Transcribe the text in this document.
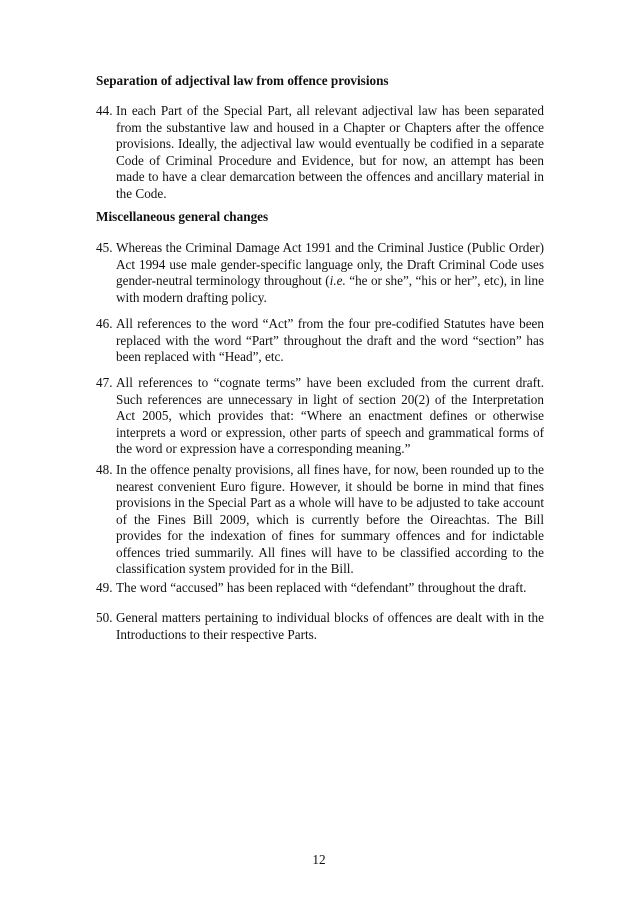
Separation of adjectival law from offence provisions
44. In each Part of the Special Part, all relevant adjectival law has been separated from the substantive law and housed in a Chapter or Chapters after the offence provisions. Ideally, the adjectival law would eventually be codified in a separate Code of Criminal Procedure and Evidence, but for now, an attempt has been made to have a clear demarcation between the offences and ancillary material in the Code.
Miscellaneous general changes
45. Whereas the Criminal Damage Act 1991 and the Criminal Justice (Public Order) Act 1994 use male gender-specific language only, the Draft Criminal Code uses gender-neutral terminology throughout (i.e. “he or she”, “his or her”, etc), in line with modern drafting policy.
46. All references to the word “Act” from the four pre-codified Statutes have been replaced with the word “Part” throughout the draft and the word “section” has been replaced with “Head”, etc.
47. All references to “cognate terms” have been excluded from the current draft. Such references are unnecessary in light of section 20(2) of the Interpretation Act 2005, which provides that: “Where an enactment defines or otherwise interprets a word or expression, other parts of speech and grammatical forms of the word or expression have a corresponding meaning.”
48. In the offence penalty provisions, all fines have, for now, been rounded up to the nearest convenient Euro figure. However, it should be borne in mind that fines provisions in the Special Part as a whole will have to be adjusted to take account of the Fines Bill 2009, which is currently before the Oireachtas. The Bill provides for the indexation of fines for summary offences and for indictable offences tried summarily. All fines will have to be classified according to the classification system provided for in the Bill.
49. The word “accused” has been replaced with “defendant” throughout the draft.
50. General matters pertaining to individual blocks of offences are dealt with in the Introductions to their respective Parts.
12
